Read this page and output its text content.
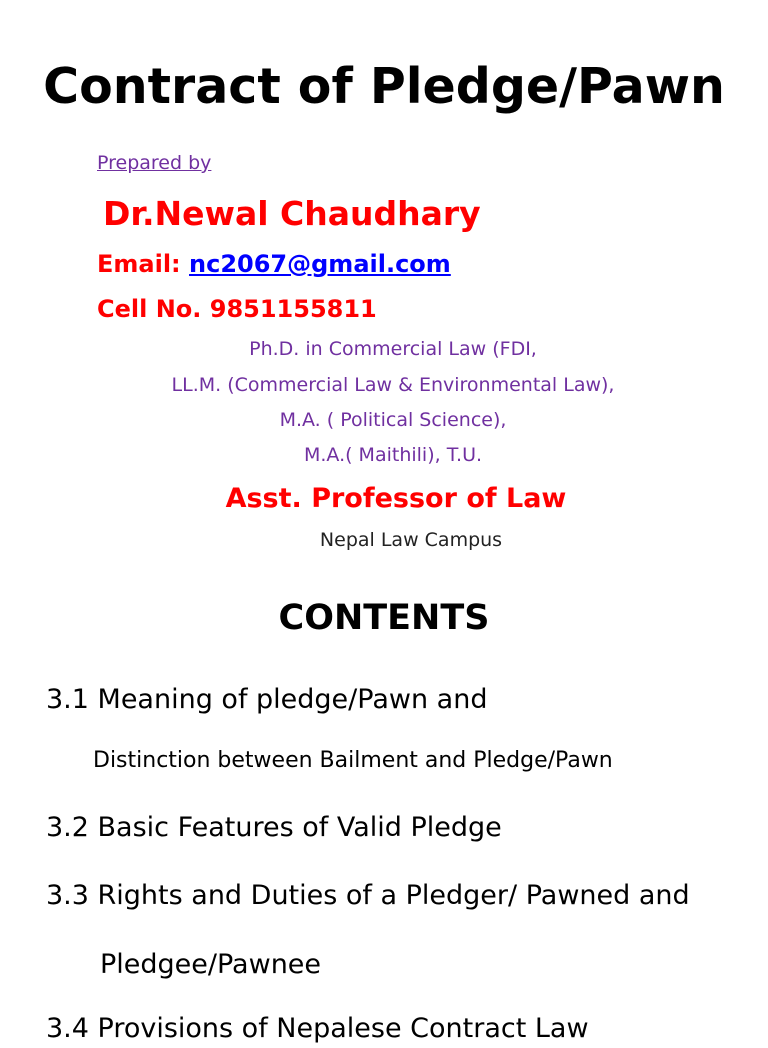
Contract of Pledge/Pawn
Prepared by
Dr.Newal Chaudhary
Email: nc2067@gmail.com
Cell No. 9851155811
Ph.D. in Commercial Law (FDI,
LL.M. (Commercial Law & Environmental Law),
M.A. ( Political Science),
M.A.( Maithili), T.U.
Asst. Professor of Law
Nepal Law Campus
CONTENTS
3.1 Meaning of pledge/Pawn and
Distinction between Bailment and Pledge/Pawn
3.2 Basic Features of Valid Pledge
3.3 Rights and Duties of a Pledger/ Pawned and
Pledgee/Pawnee
3.4 Provisions of Nepalese Contract Law
